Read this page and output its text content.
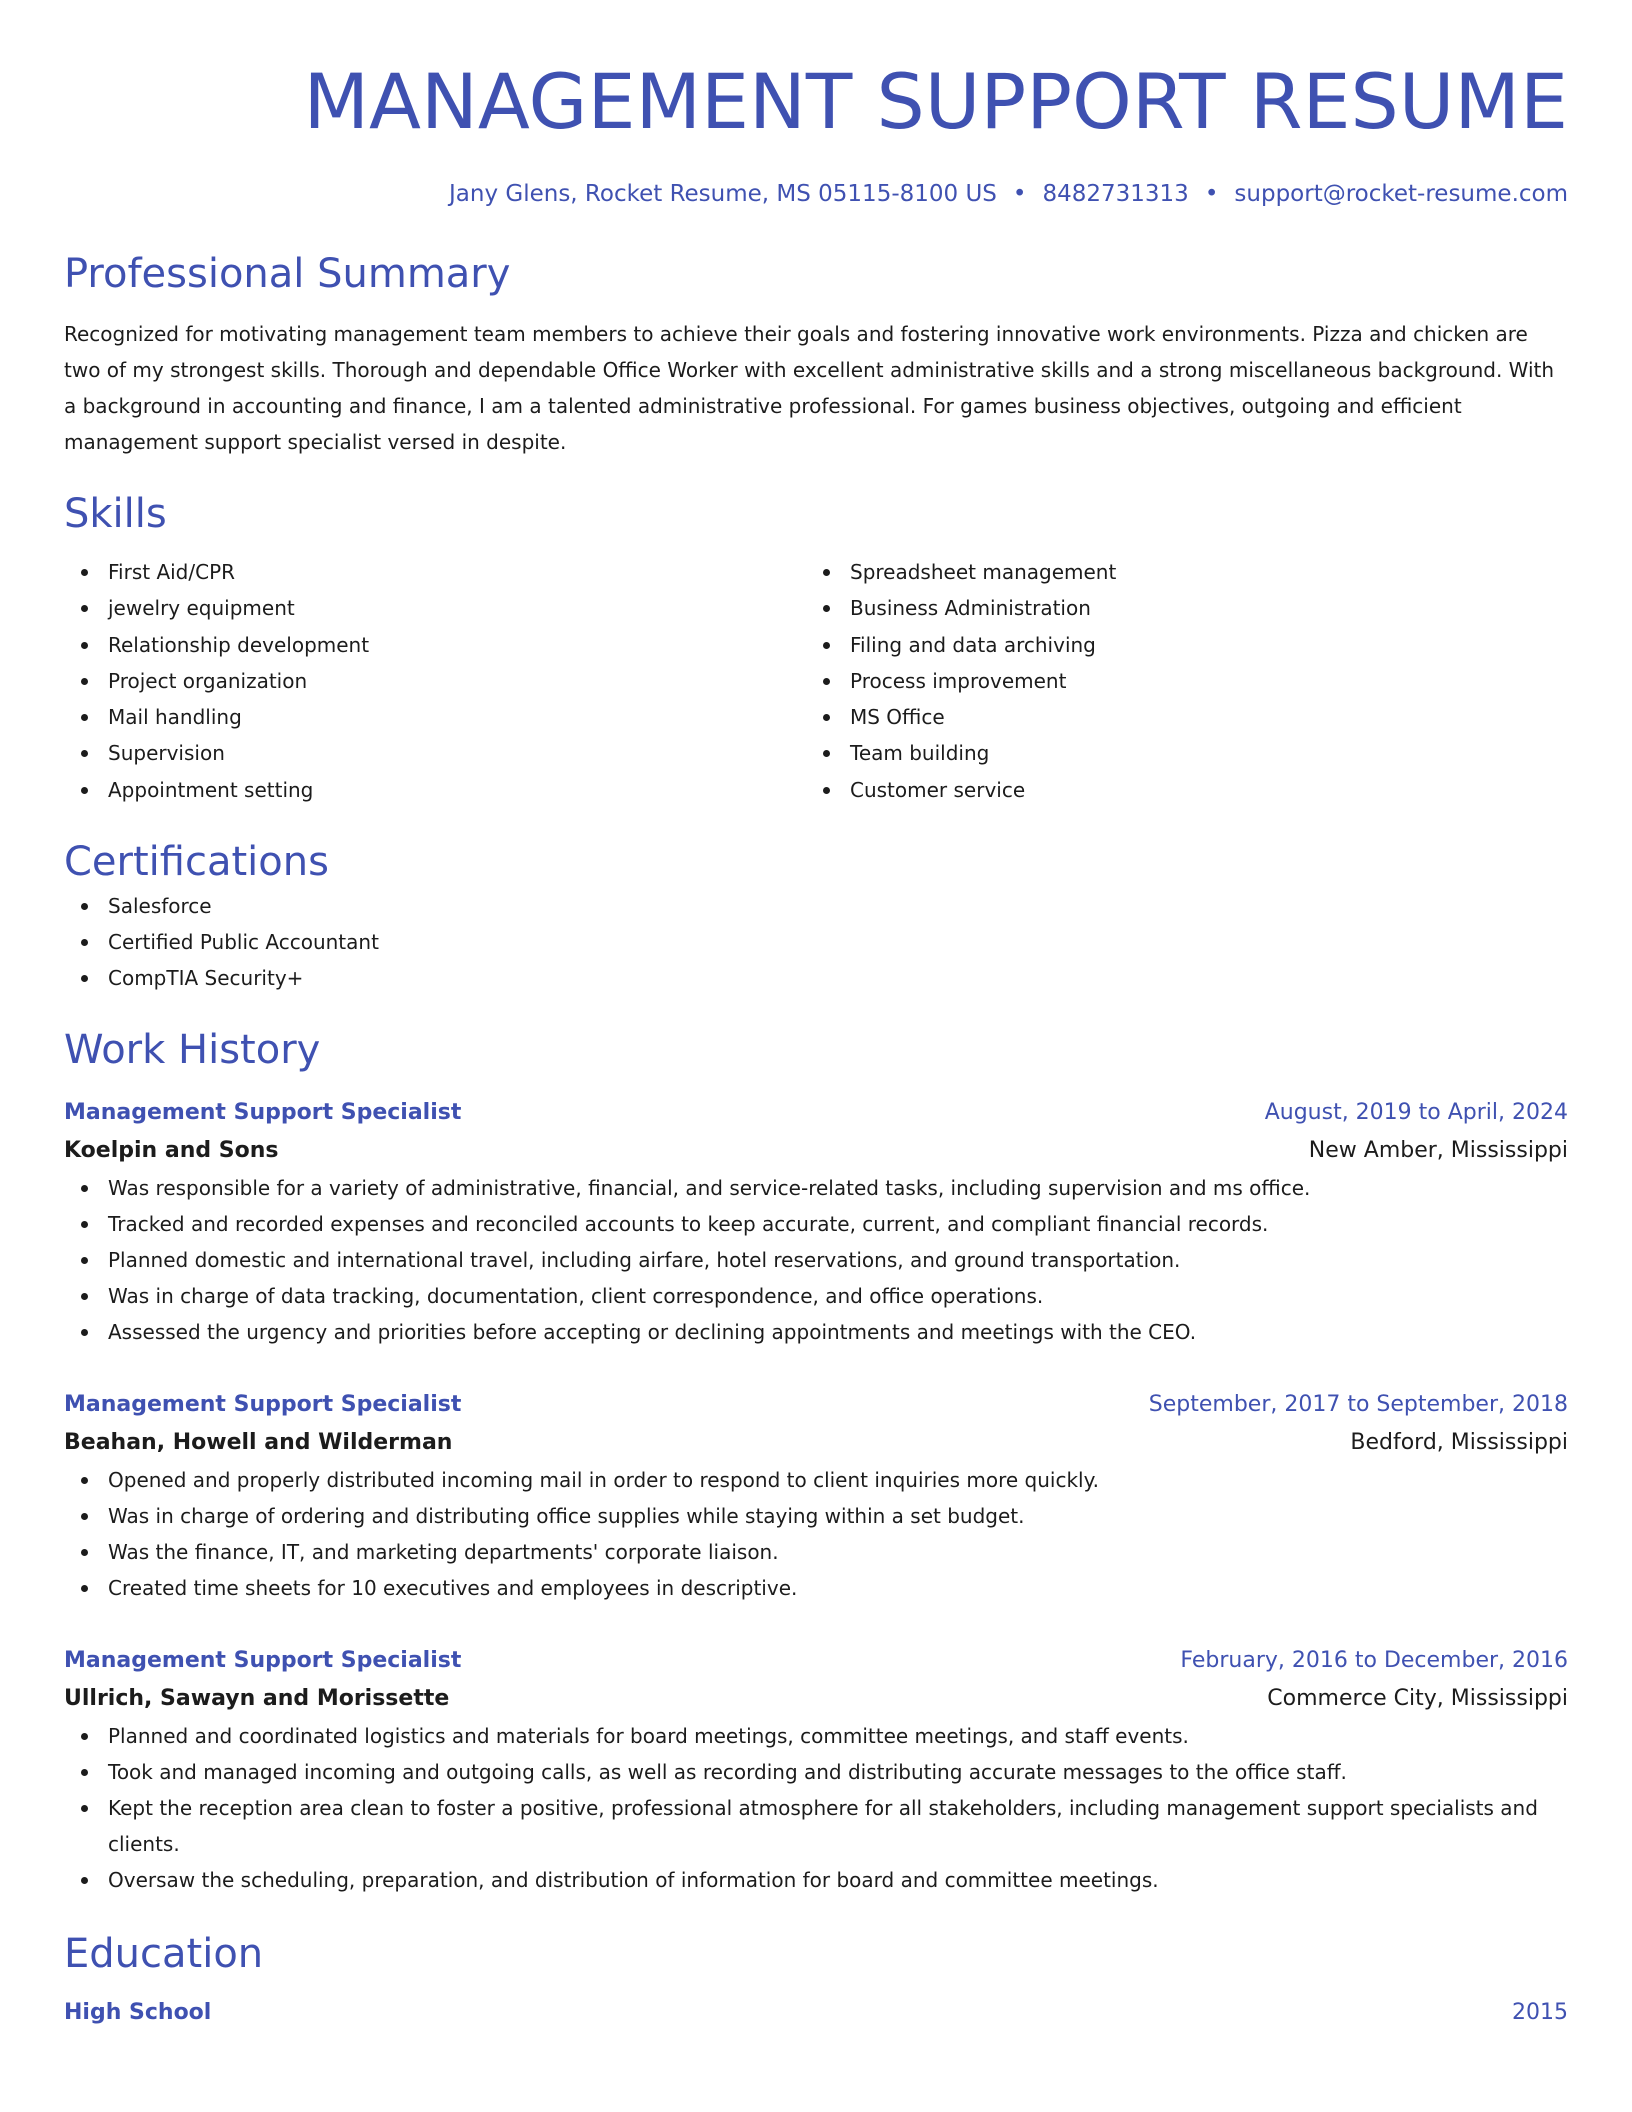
MANAGEMENT SUPPORT RESUME
Jany Glens, Rocket Resume, MS 05115-8100 US • 8482731313 • support@rocket-resume.com
Professional Summary
Recognized for motivating management team members to achieve their goals and fostering innovative work environments. Pizza and chicken are two of my strongest skills. Thorough and dependable Office Worker with excellent administrative skills and a strong miscellaneous background. With a background in accounting and finance, I am a talented administrative professional. For games business objectives, outgoing and efficient management support specialist versed in despite.
Skills
First Aid/CPR
jewelry equipment
Relationship development
Project organization
Mail handling
Supervision
Appointment setting
Spreadsheet management
Business Administration
Filing and data archiving
Process improvement
MS Office
Team building
Customer service
Certifications
Salesforce
Certified Public Accountant
CompTIA Security+
Work History
Management Support Specialist	August, 2019 to April, 2024
Koelpin and Sons	New Amber, Mississippi
Was responsible for a variety of administrative, financial, and service-related tasks, including supervision and ms office.
Tracked and recorded expenses and reconciled accounts to keep accurate, current, and compliant financial records.
Planned domestic and international travel, including airfare, hotel reservations, and ground transportation.
Was in charge of data tracking, documentation, client correspondence, and office operations.
Assessed the urgency and priorities before accepting or declining appointments and meetings with the CEO.
Management Support Specialist	September, 2017 to September, 2018
Beahan, Howell and Wilderman	Bedford, Mississippi
Opened and properly distributed incoming mail in order to respond to client inquiries more quickly.
Was in charge of ordering and distributing office supplies while staying within a set budget.
Was the finance, IT, and marketing departments' corporate liaison.
Created time sheets for 10 executives and employees in descriptive.
Management Support Specialist	February, 2016 to December, 2016
Ullrich, Sawayn and Morissette	Commerce City, Mississippi
Planned and coordinated logistics and materials for board meetings, committee meetings, and staff events.
Took and managed incoming and outgoing calls, as well as recording and distributing accurate messages to the office staff.
Kept the reception area clean to foster a positive, professional atmosphere for all stakeholders, including management support specialists and clients.
Oversaw the scheduling, preparation, and distribution of information for board and committee meetings.
Education
High School	2015
